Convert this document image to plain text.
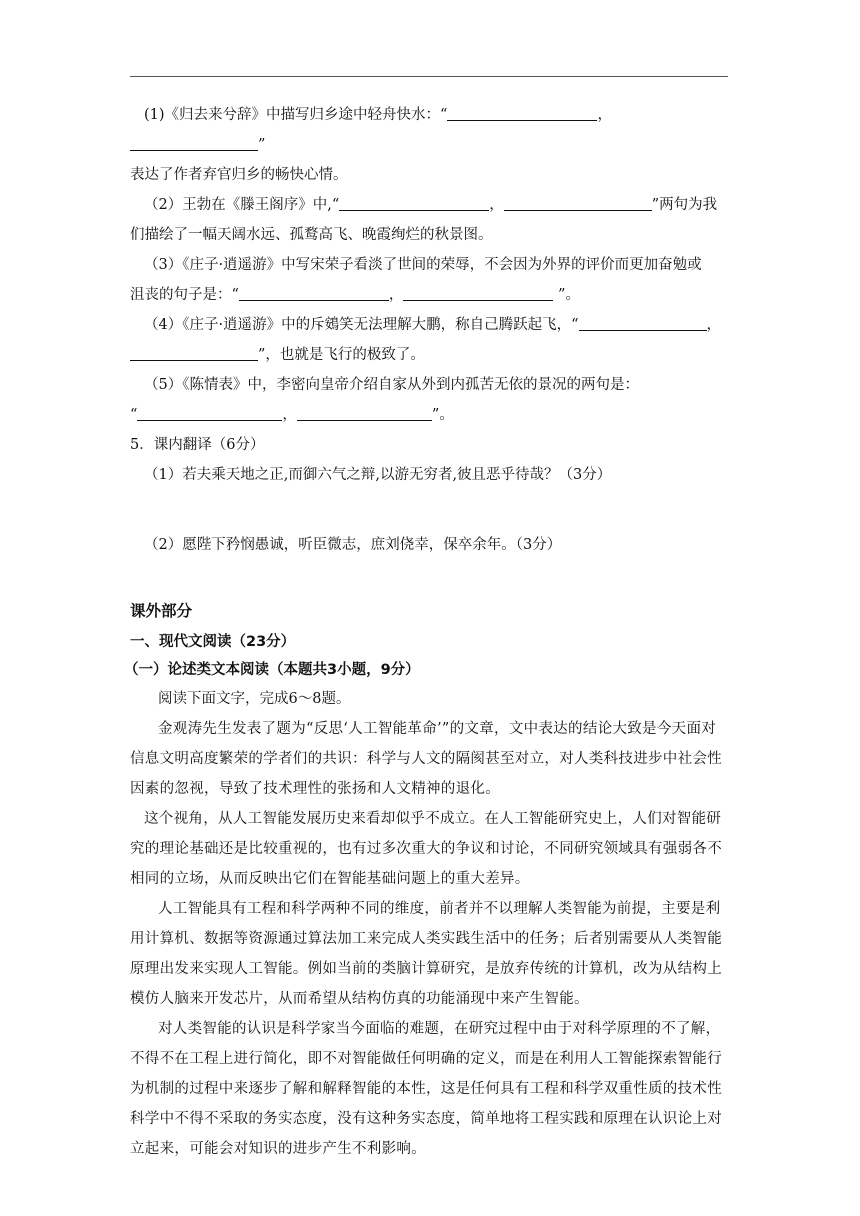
(1)《归去来兮辞》中描写归乡途中轻舟快水：“	，”

表达了作者弃官归乡的畅快心情。

（2）王勃在《滕王阁序》中,“	，	”两句为我

们描绘了一幅天阔水远、孤鹜高飞、晚霞绚烂的秋景图。

（3）《庄子·逍遥游》中写宋荣子看淡了世间的荣辱，不会因为外界的评价而更加奋勉或

沮丧的句子是：“	，	”。

（4）《庄子·逍遥游》中的斥鴳笑无法理解大鹏，称自己腾跃起飞，“	，

”，也就是飞行的极致了。

（5）《陈情表》中，李密向皇帝介绍自家从外到内孤苦无依的景况的两句是：

“	，	”。

5．课内翻译（6分）

（1）若夫乘天地之正,而御六气之辩,以游无穷者,彼且恶乎待哉？（3分）

（2）愿陛下矜悯愚诚，听臣微志，庶刘侥幸，保卒余年。（3分）

课外部分

一、现代文阅读（23分）

（一）论述类文本阅读（本题共3小题，9分）

阅读下面文字，完成6～8题。

金观涛先生发表了题为“反思‘人工智能革命’”的文章，文中表达的结论大致是今天面对信息文明高度繁荣的学者们的共识：科学与人文的隔阂甚至对立，对人类科技进步中社会性因素的忽视，导致了技术理性的张扬和人文精神的退化。

这个视角，从人工智能发展历史来看却似乎不成立。在人工智能研究史上，人们对智能研究的理论基础还是比较重视的，也有过多次重大的争议和讨论，不同研究领域具有强弱各不相同的立场，从而反映出它们在智能基础问题上的重大差异。

人工智能具有工程和科学两种不同的维度，前者并不以理解人类智能为前提，主要是利用计算机、数据等资源通过算法加工来完成人类实践生活中的任务；后者别需要从人类智能原理出发来实现人工智能。例如当前的类脑计算研究，是放弃传统的计算机，改为从结构上模仿人脑来开发芯片，从而希望从结构仿真的功能涌现中来产生智能。

对人类智能的认识是科学家当今面临的难题，在研究过程中由于对科学原理的不了解，不得不在工程上进行简化，即不对智能做任何明确的定义，而是在利用人工智能探索智能行为机制的过程中来逐步了解和解释智能的本性，这是任何具有工程和科学双重性质的技术性科学中不得不采取的务实态度，没有这种务实态度，简单地将工程实践和原理在认识论上对立起来，可能会对知识的进步产生不利影响。
